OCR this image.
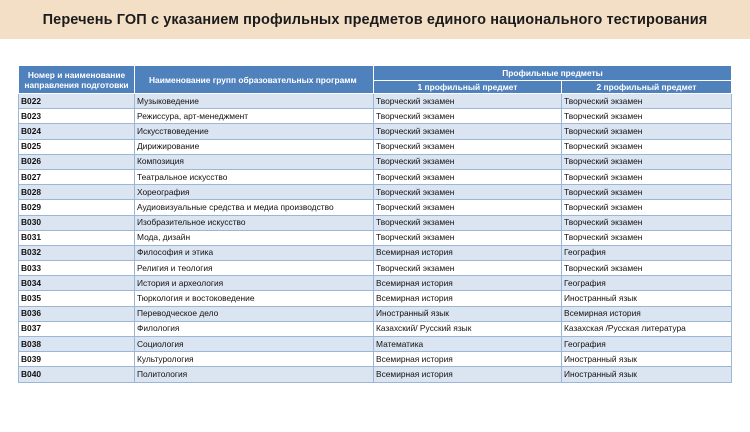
Перечень ГОП с указанием профильных предметов единого национального тестирования
Номер и наименование направления подготовки	Наименование групп образовательных программ	Профильные предметы	
		1 профильный предмет	2 профильный предмет
В022	Музыковедение	Творческий экзамен	Творческий экзамен
В023	Режиссура, арт-менеджмент	Творческий экзамен	Творческий экзамен
В024	Искусствоведение	Творческий экзамен	Творческий экзамен
В025	Дирижирование	Творческий экзамен	Творческий экзамен
В026	Композиция	Творческий экзамен	Творческий экзамен
В027	Театральное искусство	Творческий экзамен	Творческий экзамен
В028	Хореография	Творческий экзамен	Творческий экзамен
В029	Аудиовизуальные средства и медиа производство	Творческий экзамен	Творческий экзамен
В030	Изобразительное искусство	Творческий экзамен	Творческий экзамен
В031	Мода, дизайн	Творческий экзамен	Творческий экзамен
В032	Философия и этика	Всемирная история	География
В033	Религия и теология	Творческий экзамен	Творческий экзамен
В034	История и археология	Всемирная история	География
В035	Тюркология и востоковедение	Всемирная история	Иностранный язык
В036	Переводческое дело	Иностранный язык	Всемирная история
В037	Филология	Казахский/ Русский язык	Казахская /Русская литература
В038	Социология	Математика	География
В039	Культурология	Всемирная история	Иностранный язык
В040	Политология	Всемирная история	Иностранный язык
